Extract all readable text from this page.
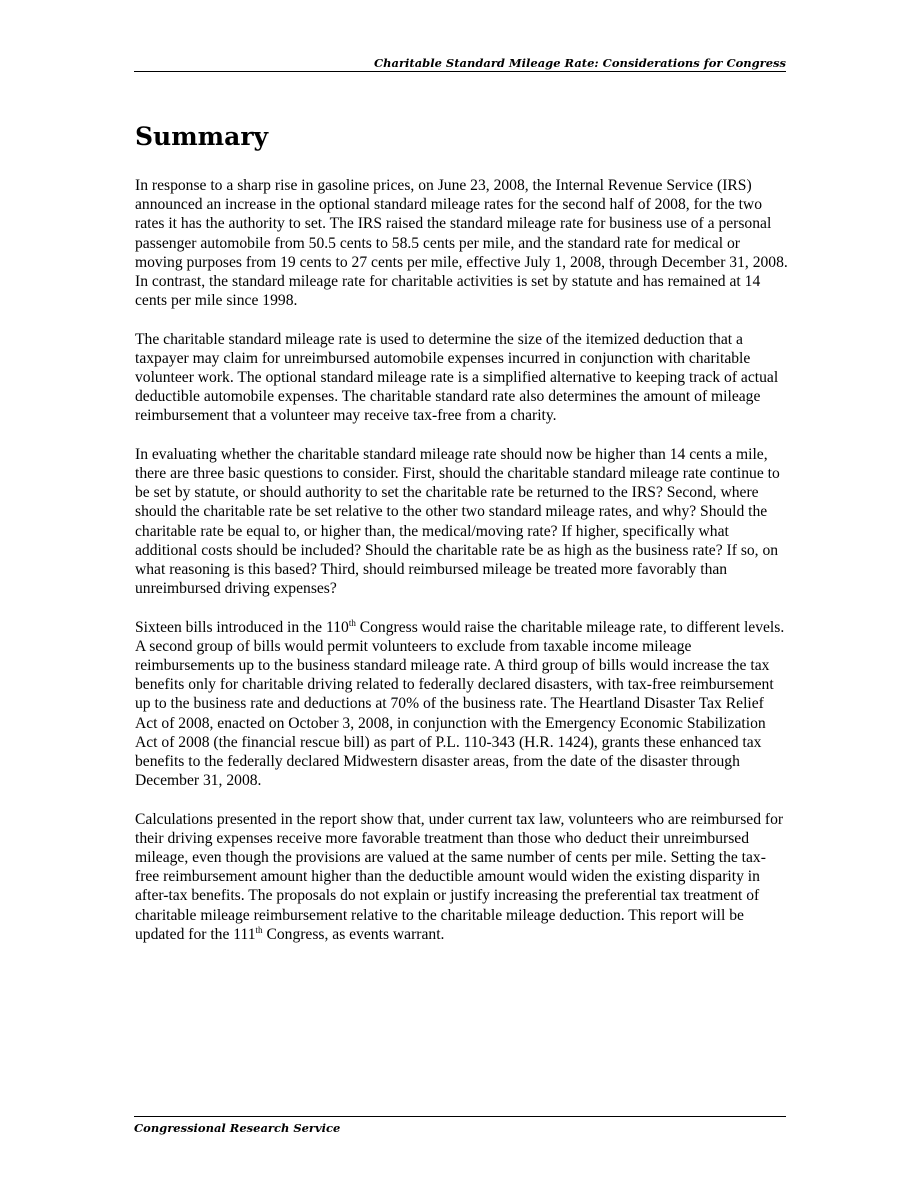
Charitable Standard Mileage Rate: Considerations for Congress
Summary

In response to a sharp rise in gasoline prices, on June 23, 2008, the Internal Revenue Service (IRS) announced an increase in the optional standard mileage rates for the second half of 2008, for the two rates it has the authority to set. The IRS raised the standard mileage rate for business use of a personal passenger automobile from 50.5 cents to 58.5 cents per mile, and the standard rate for medical or moving purposes from 19 cents to 27 cents per mile, effective July 1, 2008, through December 31, 2008. In contrast, the standard mileage rate for charitable activities is set by statute and has remained at 14 cents per mile since 1998.

The charitable standard mileage rate is used to determine the size of the itemized deduction that a taxpayer may claim for unreimbursed automobile expenses incurred in conjunction with charitable volunteer work. The optional standard mileage rate is a simplified alternative to keeping track of actual deductible automobile expenses. The charitable standard rate also determines the amount of mileage reimbursement that a volunteer may receive tax-free from a charity.

In evaluating whether the charitable standard mileage rate should now be higher than 14 cents a mile, there are three basic questions to consider. First, should the charitable standard mileage rate continue to be set by statute, or should authority to set the charitable rate be returned to the IRS? Second, where should the charitable rate be set relative to the other two standard mileage rates, and why? Should the charitable rate be equal to, or higher than, the medical/moving rate? If higher, specifically what additional costs should be included? Should the charitable rate be as high as the business rate? If so, on what reasoning is this based? Third, should reimbursed mileage be treated more favorably than unreimbursed driving expenses?

Sixteen bills introduced in the 110th Congress would raise the charitable mileage rate, to different levels. A second group of bills would permit volunteers to exclude from taxable income mileage reimbursements up to the business standard mileage rate. A third group of bills would increase the tax benefits only for charitable driving related to federally declared disasters, with tax-free reimbursement up to the business rate and deductions at 70% of the business rate. The Heartland Disaster Tax Relief Act of 2008, enacted on October 3, 2008, in conjunction with the Emergency Economic Stabilization Act of 2008 (the financial rescue bill) as part of P.L. 110-343 (H.R. 1424), grants these enhanced tax benefits to the federally declared Midwestern disaster areas, from the date of the disaster through December 31, 2008.

Calculations presented in the report show that, under current tax law, volunteers who are reimbursed for their driving expenses receive more favorable treatment than those who deduct their unreimbursed mileage, even though the provisions are valued at the same number of cents per mile. Setting the tax-free reimbursement amount higher than the deductible amount would widen the existing disparity in after-tax benefits. The proposals do not explain or justify increasing the preferential tax treatment of charitable mileage reimbursement relative to the charitable mileage deduction. This report will be updated for the 111th Congress, as events warrant.

Congressional Research Service
